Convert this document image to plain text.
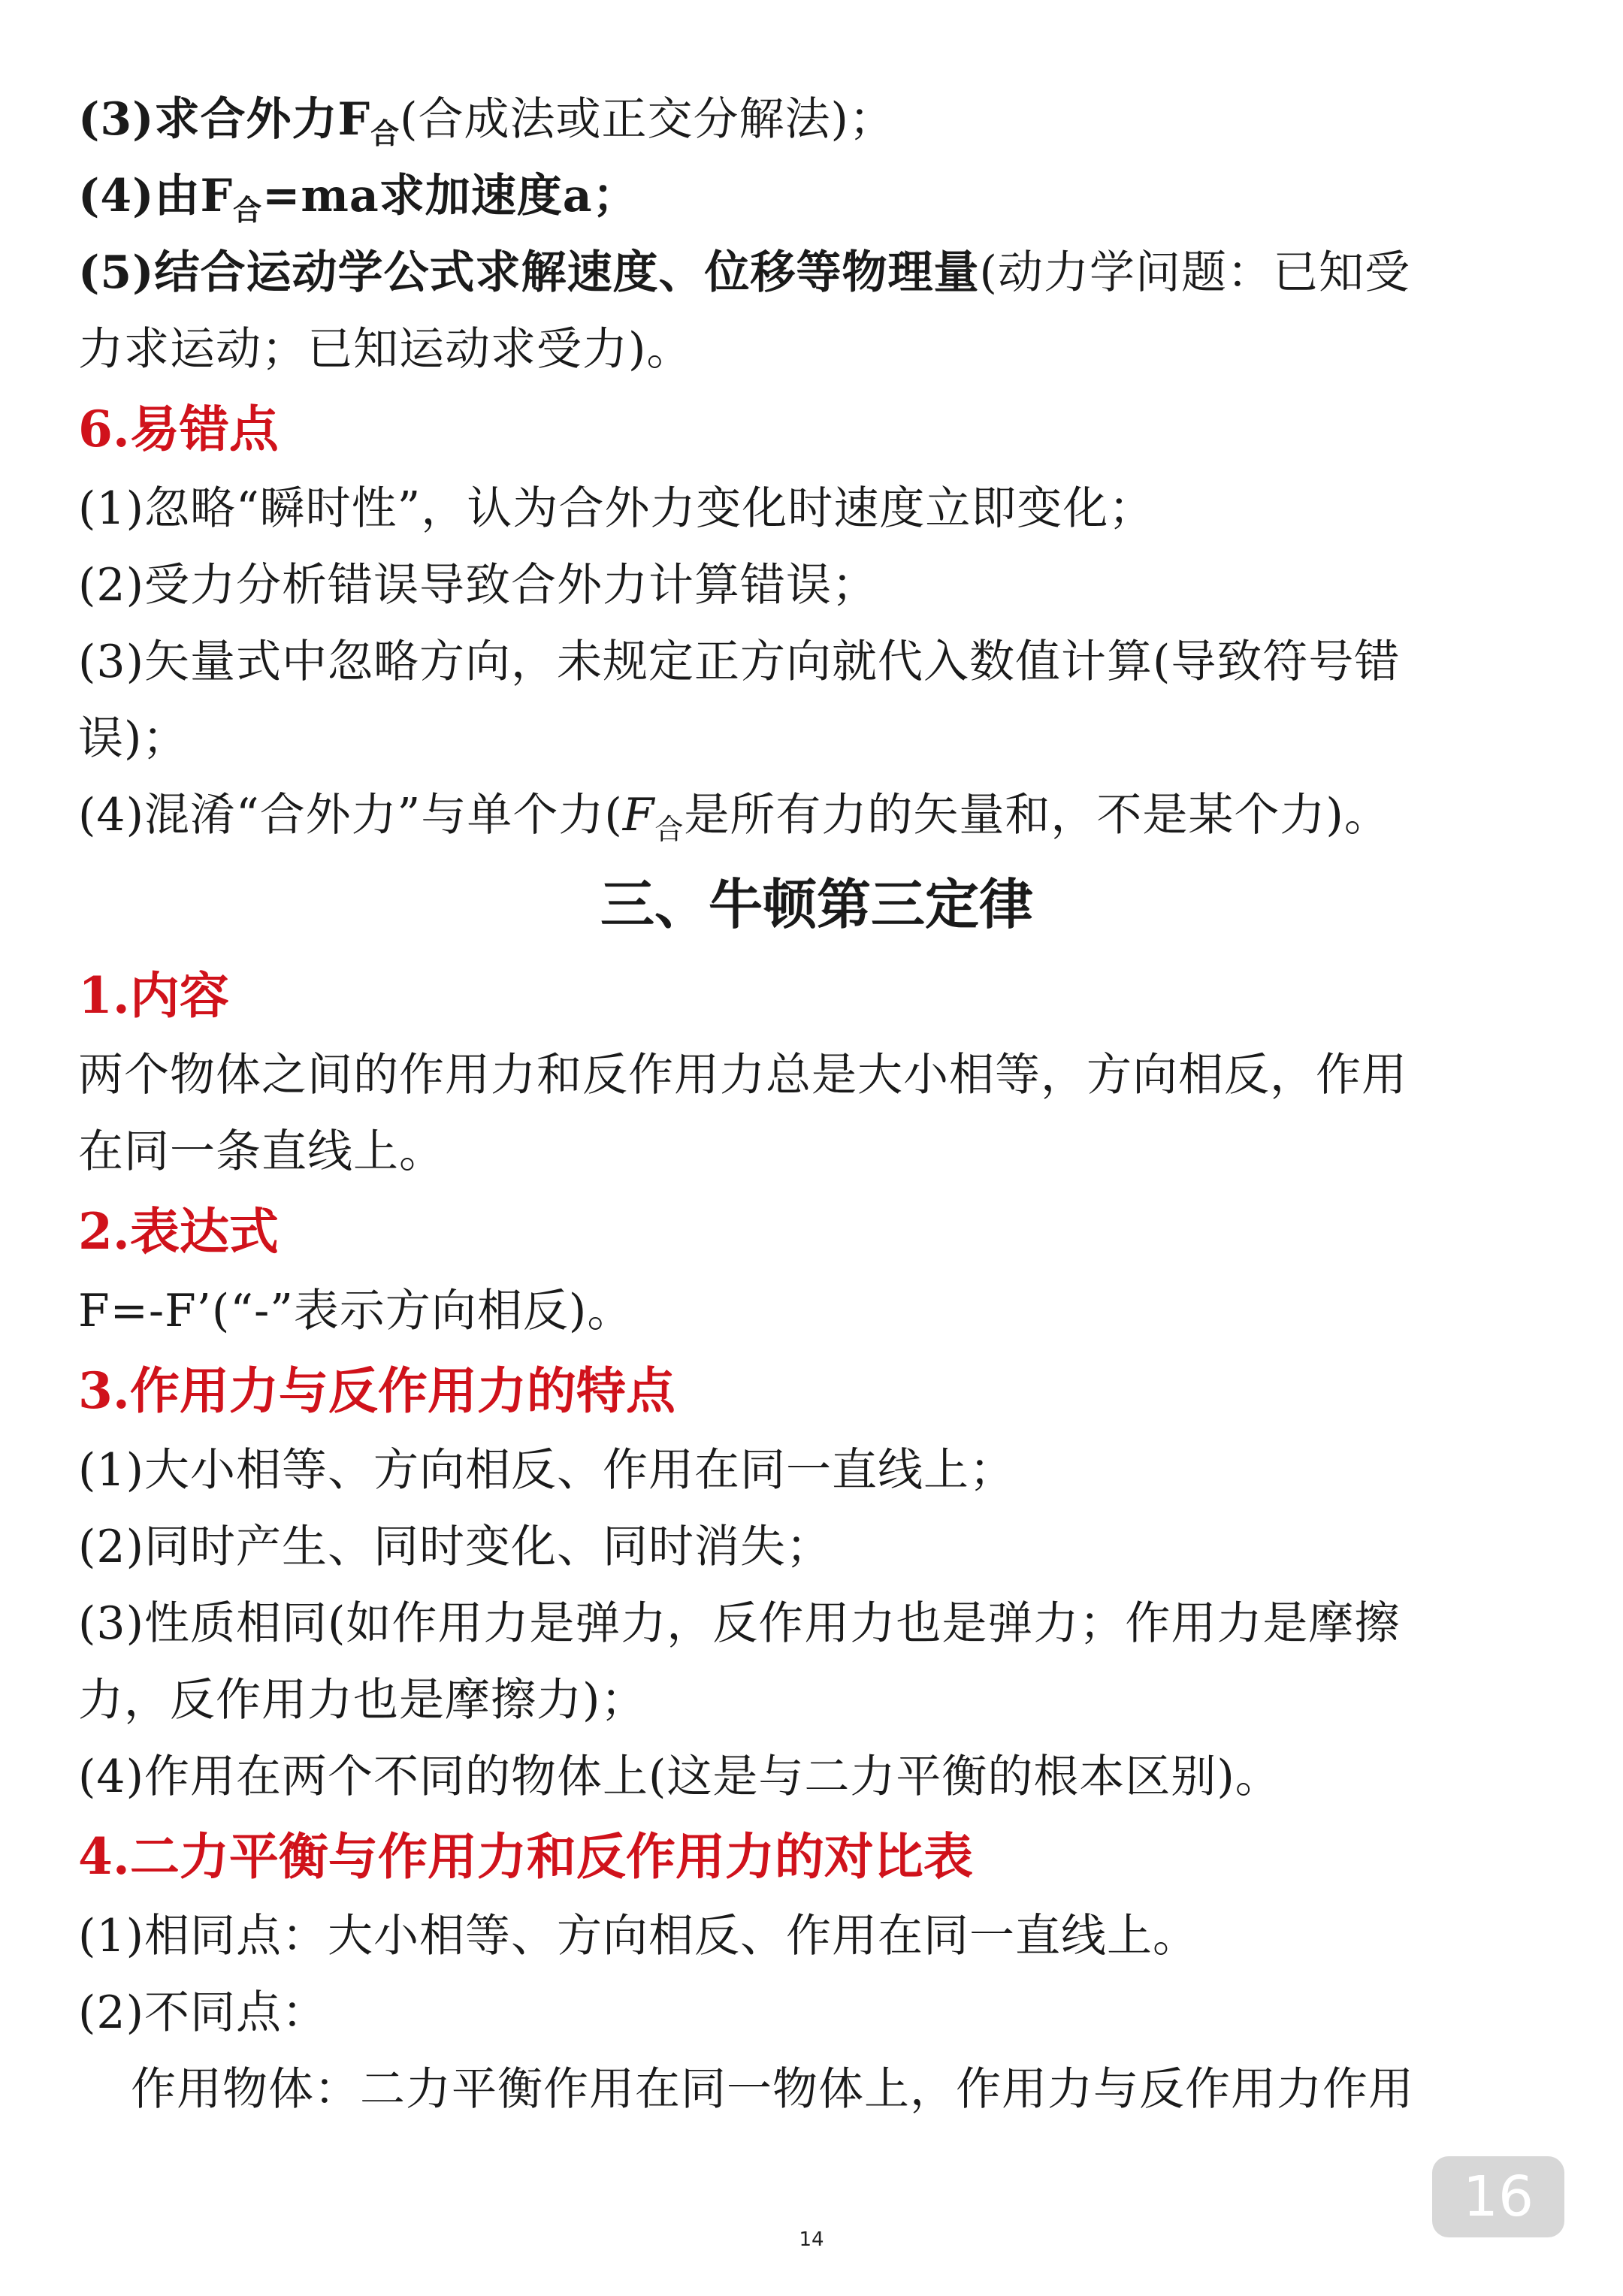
(3)求合外力$F_合$(合成法或正交分解法)；
(4)由$F_合=ma$求加速度a；
(5)结合运动学公式求解速度、位移等物理量(动力学问题：已知受
力求运动；已知运动求受力)。
6.易错点
(1)忽略“瞬时性”，认为合外力变化时速度立即变化；
(2)受力分析错误导致合外力计算错误；
(3)矢量式中忽略方向，未规定正方向就代入数值计算(导致符号错
误)；
(4)混淆“合外力”与单个力($F_合$是所有力的矢量和，不是某个力)。
三、牛顿第三定律
1.内容
两个物体之间的作用力和反作用力总是大小相等，方向相反，作用
在同一条直线上。
2.表达式
F=-F’(“-”表示方向相反)。
3.作用力与反作用力的特点
(1)大小相等、方向相反、作用在同一直线上；
(2)同时产生、同时变化、同时消失；
(3)性质相同(如作用力是弹力，反作用力也是弹力；作用力是摩擦
力，反作用力也是摩擦力)；
(4)作用在两个不同的物体上(这是与二力平衡的根本区别)。
4.二力平衡与作用力和反作用力的对比表
(1)相同点：大小相等、方向相反、作用在同一直线上。
(2)不同点：
作用物体：二力平衡作用在同一物体上，作用力与反作用力作用
16
14
